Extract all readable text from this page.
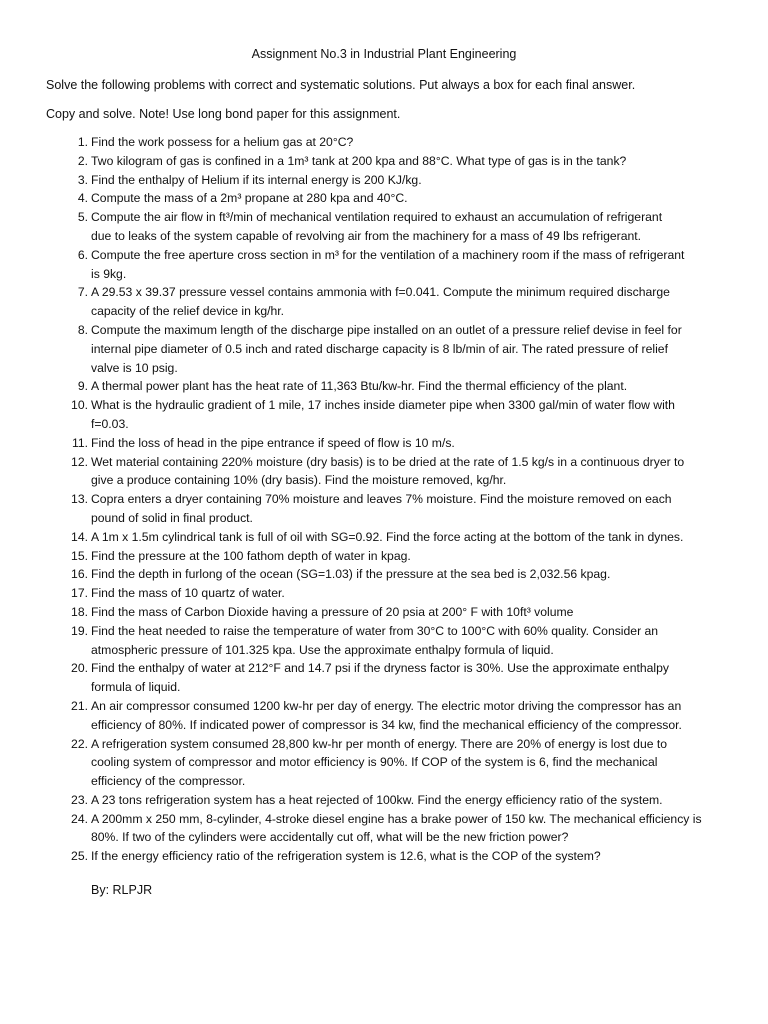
Assignment No.3 in Industrial Plant Engineering
Solve the following problems with correct and systematic solutions. Put always a box for each final answer.
Copy and solve. Note! Use long bond paper for this assignment.
1. Find the work possess for a helium gas at 20°C?
2. Two kilogram of gas is confined in a 1m³ tank at 200 kpa and 88°C. What type of gas is in the tank?
3. Find the enthalpy of Helium if its internal energy is 200 KJ/kg.
4. Compute the mass of a 2m³ propane at 280 kpa and 40°C.
5. Compute the air flow in ft³/min of mechanical ventilation required to exhaust an accumulation of refrigerant
due to leaks of the system capable of revolving air from the machinery for a mass of 49 lbs refrigerant.
6. Compute the free aperture cross section in m³ for the ventilation of a machinery room if the mass of refrigerant
is 9kg.
7. A 29.53 x 39.37 pressure vessel contains ammonia with f=0.041. Compute the minimum required discharge
capacity of the relief device in kg/hr.
8. Compute the maximum length of the discharge pipe installed on an outlet of a pressure relief devise in feel for
internal pipe diameter of 0.5 inch and rated discharge capacity is 8 lb/min of air. The rated pressure of relief
valve is 10 psig.
9. A thermal power plant has the heat rate of 11,363 Btu/kw-hr. Find the thermal efficiency of the plant.
10. What is the hydraulic gradient of 1 mile, 17 inches inside diameter pipe when 3300 gal/min of water flow with
f=0.03.
11. Find the loss of head in the pipe entrance if speed of flow is 10 m/s.
12. Wet material containing 220% moisture (dry basis) is to be dried at the rate of 1.5 kg/s in a continuous dryer to
give a produce containing 10% (dry basis). Find the moisture removed, kg/hr.
13. Copra enters a dryer containing 70% moisture and leaves 7% moisture. Find the moisture removed on each
pound of solid in final product.
14. A 1m x 1.5m cylindrical tank is full of oil with SG=0.92. Find the force acting at the bottom of the tank in dynes.
15. Find the pressure at the 100 fathom depth of water in kpag.
16. Find the depth in furlong of the ocean (SG=1.03) if the pressure at the sea bed is 2,032.56 kpag.
17. Find the mass of 10 quartz of water.
18. Find the mass of Carbon Dioxide having a pressure of 20 psia at 200° F with 10ft³ volume
19. Find the heat needed to raise the temperature of water from 30°C to 100°C with 60% quality. Consider an
atmospheric pressure of 101.325 kpa. Use the approximate enthalpy formula of liquid.
20. Find the enthalpy of water at 212°F and 14.7 psi if the dryness factor is 30%. Use the approximate enthalpy
formula of liquid.
21. An air compressor consumed 1200 kw-hr per day of energy. The electric motor driving the compressor has an
efficiency of 80%. If indicated power of compressor is 34 kw, find the mechanical efficiency of the compressor.
22. A refrigeration system consumed 28,800 kw-hr per month of energy. There are 20% of energy is lost due to
cooling system of compressor and motor efficiency is 90%. If COP of the system is 6, find the mechanical
efficiency of the compressor.
23. A 23 tons refrigeration system has a heat rejected of 100kw. Find the energy efficiency ratio of the system.
24. A 200mm x 250 mm, 8-cylinder, 4-stroke diesel engine has a brake power of 150 kw. The mechanical efficiency is
80%. If two of the cylinders were accidentally cut off, what will be the new friction power?
25. If the energy efficiency ratio of the refrigeration system is 12.6, what is the COP of the system?
By: RLPJR
